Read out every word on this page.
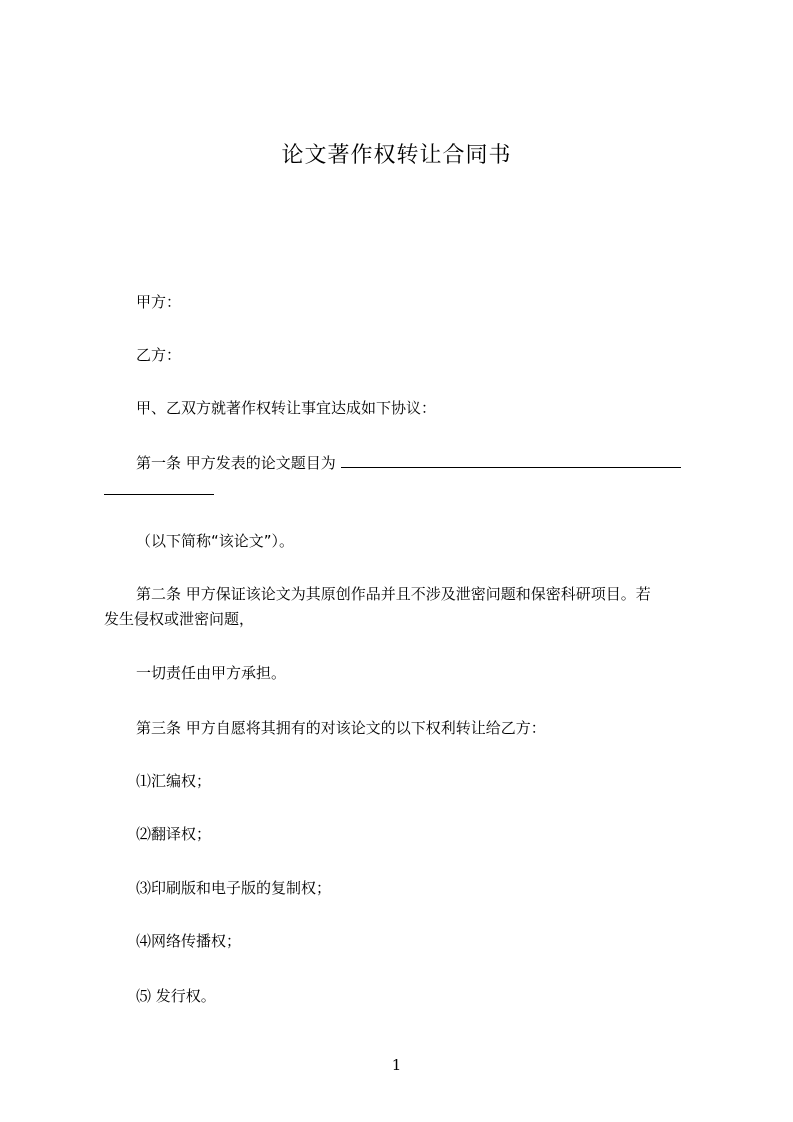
论文著作权转让合同书
甲方：
乙方：
甲、乙双方就著作权转让事宜达成如下协议：
第一条 甲方发表的论文题目为
（以下简称“该论文”）。
第二条 甲方保证该论文为其原创作品并且不涉及泄密问题和保密科研项目。若
发生侵权或泄密问题，
一切责任由甲方承担。
第三条 甲方自愿将其拥有的对该论文的以下权利转让给乙方：
⑴汇编权；
⑵翻译权；
⑶印刷版和电子版的复制权；
⑷网络传播权；
⑸ 发行权。
1
